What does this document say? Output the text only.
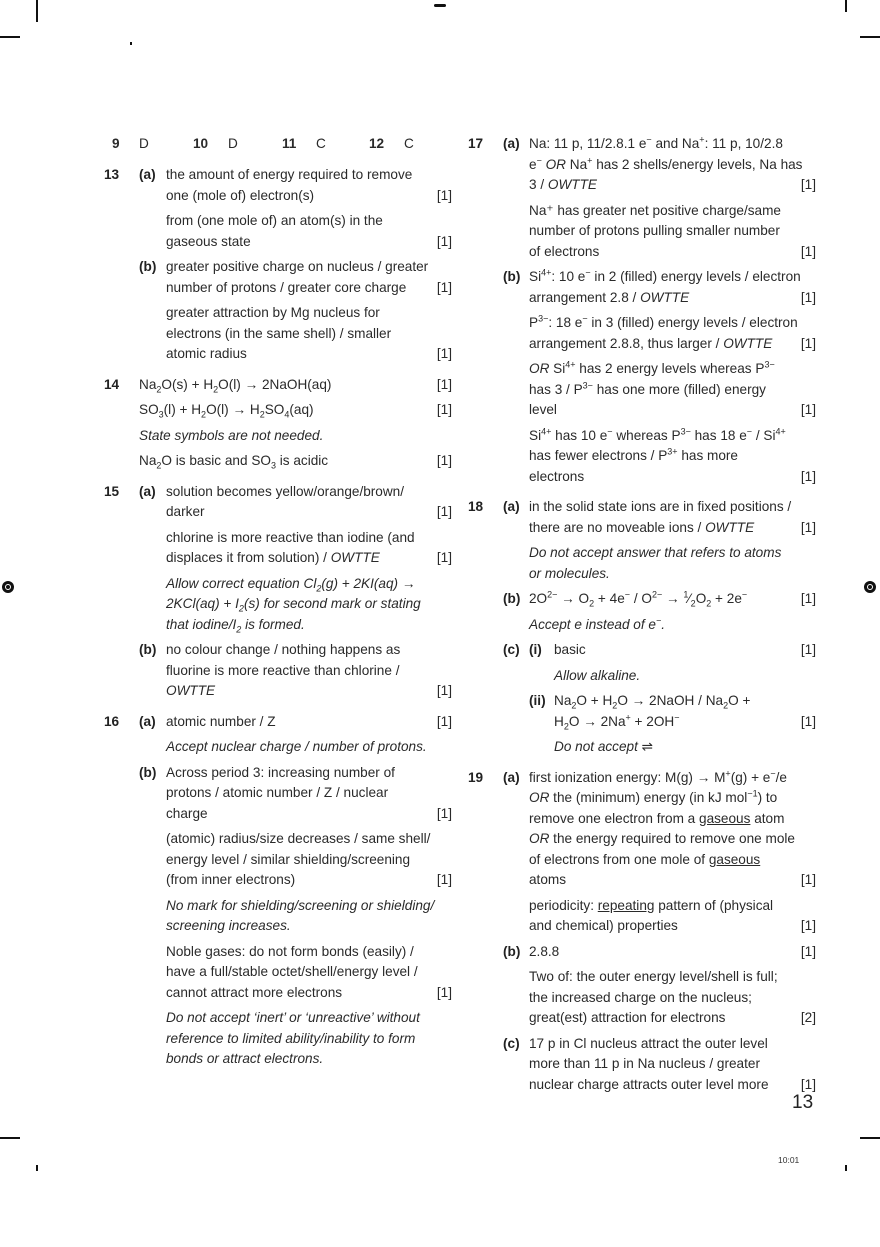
9 D	10 D	11 C	12 C
13 (a) the amount of energy required to remove
one (mole of) electron(s)	[1]
from (one mole of) an atom(s) in the
gaseous state	[1]
(b) greater positive charge on nucleus / greater
number of protons / greater core charge [1]
greater attraction by Mg nucleus for
electrons (in the same shell) / smaller
atomic radius	[1]
14 $Na_2O(s) + H_2O(l)$ → 2NaOH(aq)	[1]
$SO_3(l) + H_2O(l) \to H_2SO_4(aq)$	[1]
State symbols are not needed.
$Na_2O$ is basic and $SO_3$ is acidic	[1]
15 (a) solution becomes yellow/orange/brown/
darker	[1]
chlorine is more reactive than iodine (and
displaces it from solution) / OWTTE	[1]
Allow correct equation $Cl_2(g) + 2KI(aq)$ →
$2KCl(aq) + I_2(s)$ for second mark or stating
that iodine/$I_2$ is formed.
(b) no colour change / nothing happens as
fluorine is more reactive than chlorine /
OWTTE	[1]
16 (a) atomic number / Z	[1]
Accept nuclear charge / number of protons.
(b) Across period 3: increasing number of
protons / atomic number / Z / nuclear
charge	[1]
(atomic) radius/size decreases / same shell/
energy level / similar shielding/screening
(from inner electrons)	[1]
No mark for shielding/screening or shielding/
screening increases.
Noble gases: do not form bonds (easily) /
have a full/stable octet/shell/energy level /
cannot attract more electrons	[1]
Do not accept ‘inert’ or ‘unreactive’ without
reference to limited ability/inability to form
bonds or attract electrons.
17 (a) Na: 11 p, 11/2.8.1 e− and Na+: 11 p, 10/2.8
e− OR Na+ has 2 shells/energy levels, Na has
3 / OWTTE	[1]
Na⁺ has greater net positive charge/same
number of protons pulling smaller number
of electrons	[1]
(b) $Si^{4+}$: 10 e− in 2 (filled) energy levels / electron
arrangement 2.8 / OWTTE	[1]
$P^{3-}$: 18 e− in 3 (filled) energy levels / electron
arrangement 2.8.8, thus larger / OWTTE [1]
OR $Si^{4+}$ has 2 energy levels whereas $P^{3-}$
has $3 / P^{3-}$ has one more (filled) energy
level	[1]
$Si^{4+}$ has 10 e− whereas $P^{3-}$ has 18 $e^- / Si^{4+}$
has fewer electrons / $P^{3+}$ has more
electrons	[1]
18 (a) in the solid state ions are in fixed positions /
there are no moveable ions / OWTTE	[1]
Do not accept answer that refers to atoms
or molecules.
(b) $2O^{2-} \to O_2 + 4e^- / O^{2-}$ → $^1⁄_2O_2 + 2e^-$	[1]
Accept e instead of e−.
(c) (i) basic	[1]
Allow alkaline.
(ii) $Na_2O + H_2O$ → 2NaOH / $Na_2O$ +
$H_2O \to 2Na^+ + 2OH^-$	[1]
Do not accept ⇌
19 (a) first ionization energy: M(g) → M+(g) + e−/e
OR the (minimum) energy (in kJ mol$^{-1}$) to
remove one electron from a gaseous atom
OR the energy required to remove one mole
of electrons from one mole of gaseous
atoms	[1]
periodicity: repeating pattern of (physical
and chemical) properties	[1]
(b) 2.8.8	[1]
Two of: the outer energy level/shell is full;
the increased charge on the nucleus;
great(est) attraction for electrons	[2]
(c) 17 p in Cl nucleus attract the outer level
more than 11 p in Na nucleus / greater
nuclear charge attracts outer level more [1]
13
10:01
